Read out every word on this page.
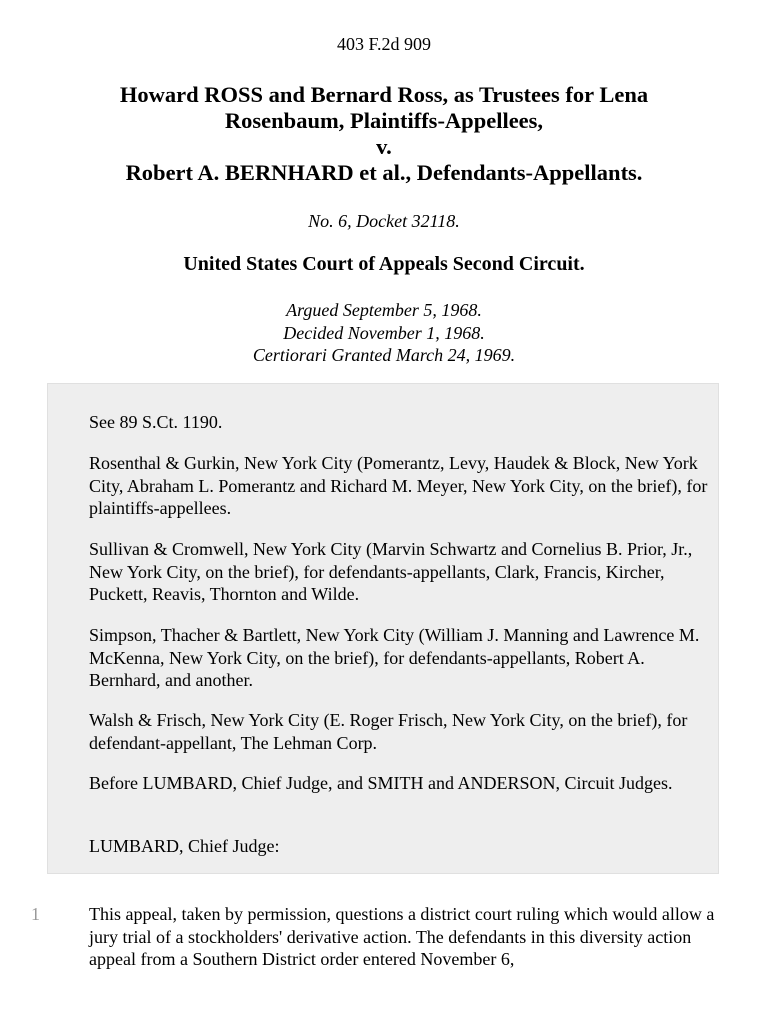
403 F.2d 909
Howard ROSS and Bernard Ross, as Trustees for Lena
Rosenbaum, Plaintiffs-Appellees,
v.
Robert A. BERNHARD et al., Defendants-Appellants.
No. 6, Docket 32118.
United States Court of Appeals Second Circuit.
Argued September 5, 1968.
Decided November 1, 1968.
Certiorari Granted March 24, 1969.

See 89 S.Ct. 1190.

Rosenthal & Gurkin, New York City (Pomerantz, Levy, Haudek & Block, New York City, Abraham L. Pomerantz and Richard M. Meyer, New York City, on the brief), for plaintiffs-appellees.

Sullivan & Cromwell, New York City (Marvin Schwartz and Cornelius B. Prior, Jr., New York City, on the brief), for defendants-appellants, Clark, Francis, Kircher, Puckett, Reavis, Thornton and Wilde.

Simpson, Thacher & Bartlett, New York City (William J. Manning and Lawrence M. McKenna, New York City, on the brief), for defendants-appellants, Robert A. Bernhard, and another.

Walsh & Frisch, New York City (E. Roger Frisch, New York City, on the brief), for defendant-appellant, The Lehman Corp.

Before LUMBARD, Chief Judge, and SMITH and ANDERSON, Circuit Judges.

LUMBARD, Chief Judge:

1	This appeal, taken by permission, questions a district court ruling which would allow a jury trial of a stockholders' derivative action. The defendants in this diversity action appeal from a Southern District order entered November 6,
